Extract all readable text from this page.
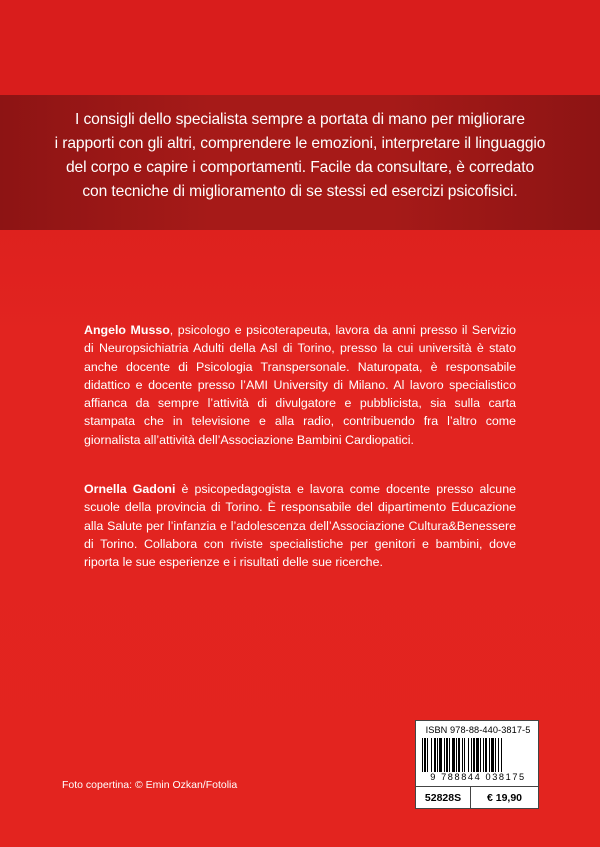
I consigli dello specialista sempre a portata di mano per migliorare
i rapporti con gli altri, comprendere le emozioni, interpretare il linguaggio
del corpo e capire i comportamenti. Facile da consultare, è corredato
con tecniche di miglioramento di se stessi ed esercizi psicofisici.

Angelo Musso, psicologo e psicoterapeuta, lavora da anni presso il Servizio di Neuropsichiatria Adulti della Asl di Torino, presso la cui università è stato anche docente di Psicologia Transpersonale. Naturopata, è responsabile didattico e docente presso l’AMI University di Milano. Al lavoro specialistico affianca da sempre l’attività di divulgatore e pubblicista, sia sulla carta stampata che in televisione e alla radio, contribuendo fra l’altro come giornalista all’attività dell’Associazione Bambini Cardiopatici.

Ornella Gadoni è psicopedagogista e lavora come docente presso alcune scuole della provincia di Torino. È responsabile del dipartimento Educazione alla Salute per l’infanzia e l’adolescenza dell’Associazione Cultura&Benessere di Torino. Collabora con riviste specialistiche per genitori e bambini, dove riporta le sue esperienze e i risultati delle sue ricerche.

Foto copertina: © Emin Ozkan/Fotolia

ISBN 978-88-440-3817-5
9 788844 038175
52828S	€ 19,90
